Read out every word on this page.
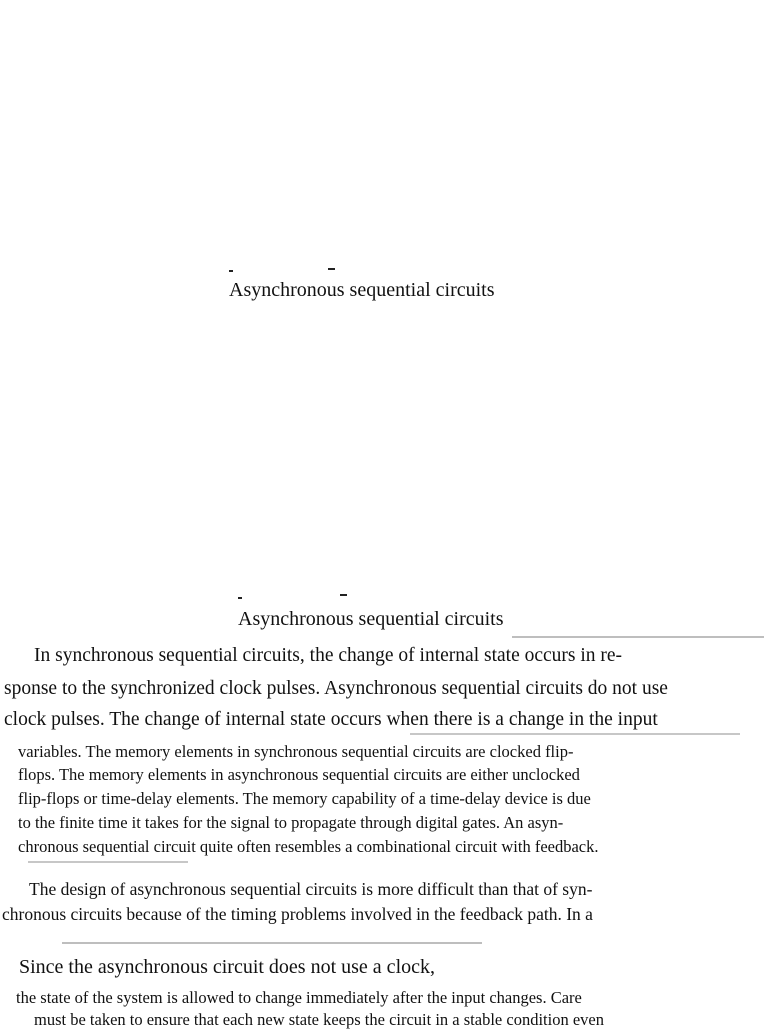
Asynchronous sequential circuits
Asynchronous sequential circuits

In synchronous sequential circuits, the change of internal state occurs in re-

sponse to the synchronized clock pulses. Asynchronous sequential circuits do not use

clock pulses. The change of internal state occurs when there is a change in the input

variables. The memory elements in synchronous sequential circuits are clocked flip-

flops. The memory elements in asynchronous sequential circuits are either unclocked

flip-flops or time-delay elements. The memory capability of a time-delay device is due

to the finite time it takes for the signal to propagate through digital gates. An asyn-

chronous sequential circuit quite often resembles a combinational circuit with feedback.

The design of asynchronous sequential circuits is more difficult than that of syn-

chronous circuits because of the timing problems involved in the feedback path. In a

Since the asynchronous circuit does not use a clock,

the state of the system is allowed to change immediately after the input changes. Care

must be taken to ensure that each new state keeps the circuit in a stable condition even
